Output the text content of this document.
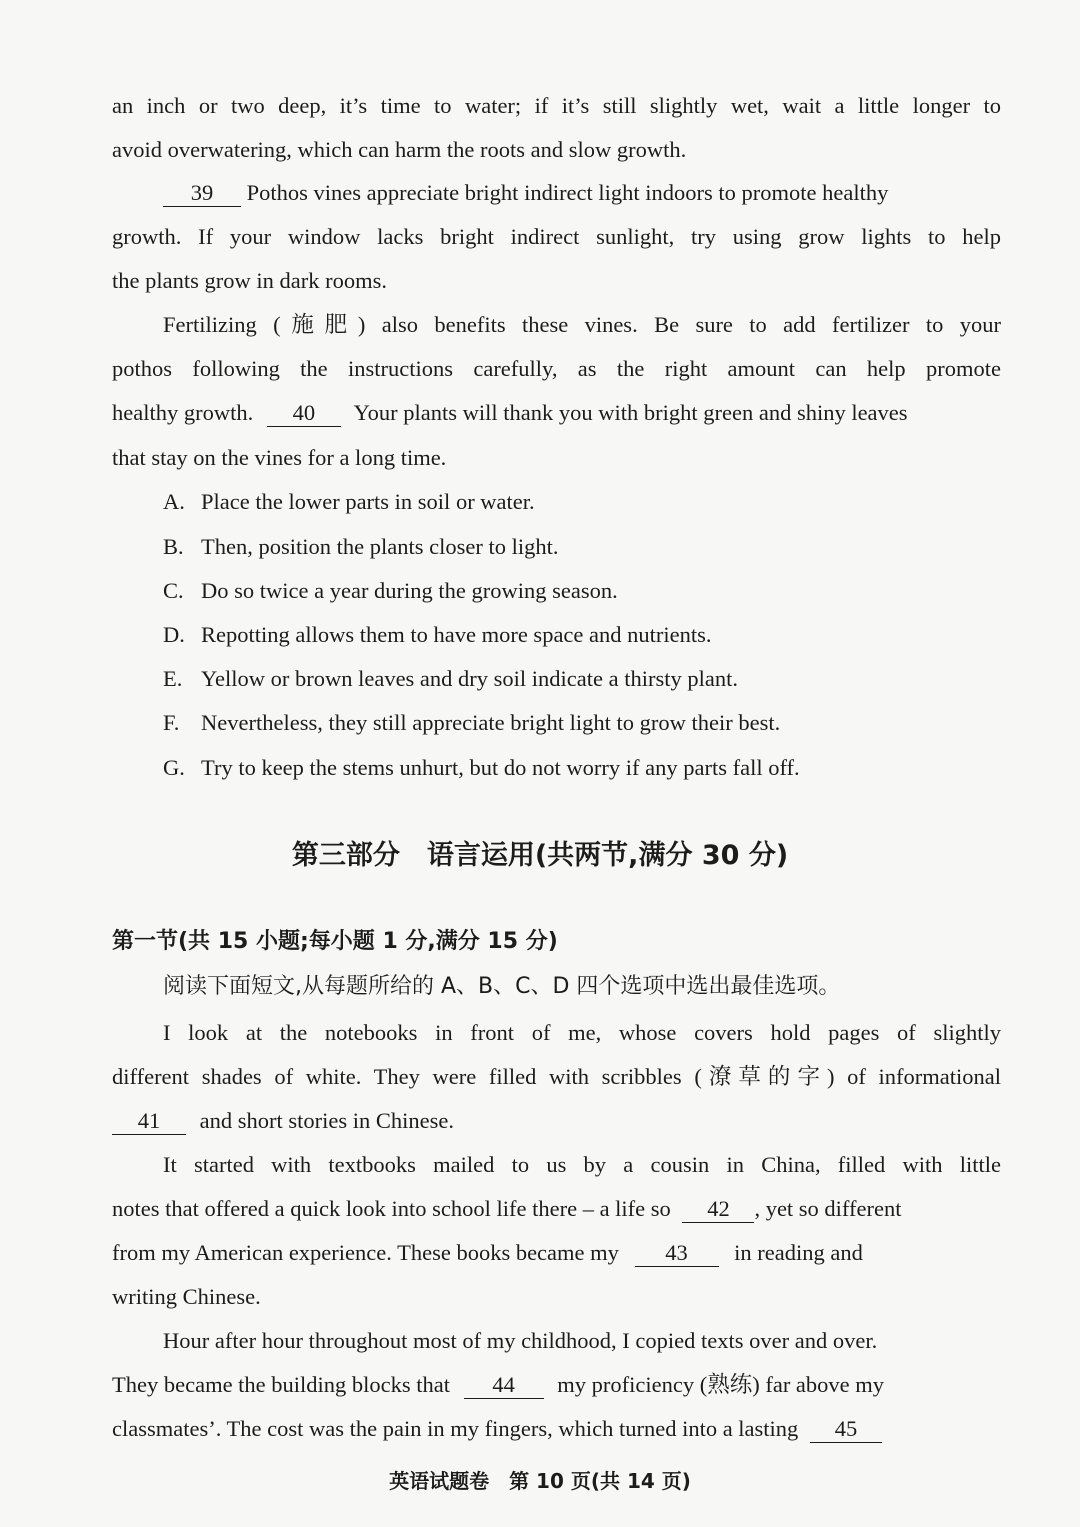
an inch or two deep, it’s time to water; if it’s still slightly wet, wait a little longer to
avoid overwatering, which can harm the roots and slow growth.
39 Pothos vines appreciate bright indirect light indoors to promote healthy
growth. If your window lacks bright indirect sunlight, try using grow lights to help
the plants grow in dark rooms.
Fertilizing (施肥) also benefits these vines. Be sure to add fertilizer to your
pothos following the instructions carefully, as the right amount can help promote
healthy growth. 40 Your plants will thank you with bright green and shiny leaves
that stay on the vines for a long time.
A. Place the lower parts in soil or water.
B. Then, position the plants closer to light.
C. Do so twice a year during the growing season.
D. Repotting allows them to have more space and nutrients.
E. Yellow or brown leaves and dry soil indicate a thirsty plant.
F. Nevertheless, they still appreciate bright light to grow their best.
G. Try to keep the stems unhurt, but do not worry if any parts fall off.
第三部分　语言运用(共两节,满分 30 分)
第一节(共 15 小题;每小题 1 分,满分 15 分)
阅读下面短文,从每题所给的 A、B、C、D 四个选项中选出最佳选项。
I look at the notebooks in front of me, whose covers hold pages of slightly
different shades of white. They were filled with scribbles (潦草的字) of informational
41 and short stories in Chinese.
It started with textbooks mailed to us by a cousin in China, filled with little
notes that offered a quick look into school life there – a life so 42 , yet so different
from my American experience. These books became my 43 in reading and
writing Chinese.
Hour after hour throughout most of my childhood, I copied texts over and over.
They became the building blocks that 44 my proficiency (熟练) far above my
classmates’. The cost was the pain in my fingers, which turned into a lasting 45
英语试题卷　第 10 页(共 14 页)
